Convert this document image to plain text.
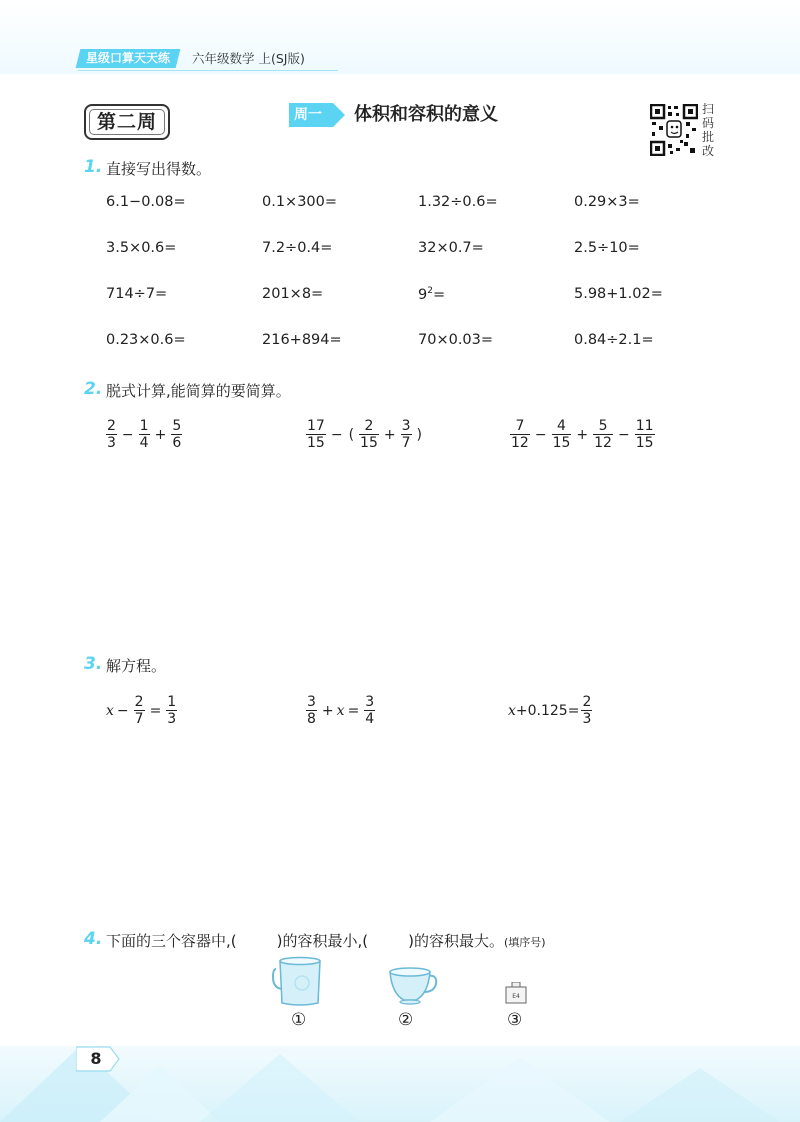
星级口算天天练	六年级数学 上(SJ版)
第二周	周一 体积和容积的意义	扫
码
批
改
1. 直接写出得数。
6.1−0.08=	0.1×300=	1.32÷0.6=	0.29×3=
3.5×0.6=	7.2÷0.4=	32×0.7=	2.5÷10=
714÷7=	201×8=	$9^2=$	5.98+1.02=
0.23×0.6=	216+894=	70×0.03=	0.84÷2.1=
2. 脱式计算,能简算的要简算。
$\frac{2}{3} - \frac{1}{4} + \frac{5}{6}$	$\frac{17}{15}$ − ( $\frac{2}{15} + \frac{3}{7}$ )	$\frac{7}{12} - \frac{4}{15} + \frac{5}{12} - \frac{11}{15}$
3. 解方程。
$x - \frac{2}{7} = \frac{1}{3}$	$\frac{3}{8} + x = \frac{3}{4}$	$x +0.125= \frac{2}{3}$
4. 下面的三个容器中,(	)的容积最小,(	)的容积最大。(填序号)
①	②
E4
③
8
